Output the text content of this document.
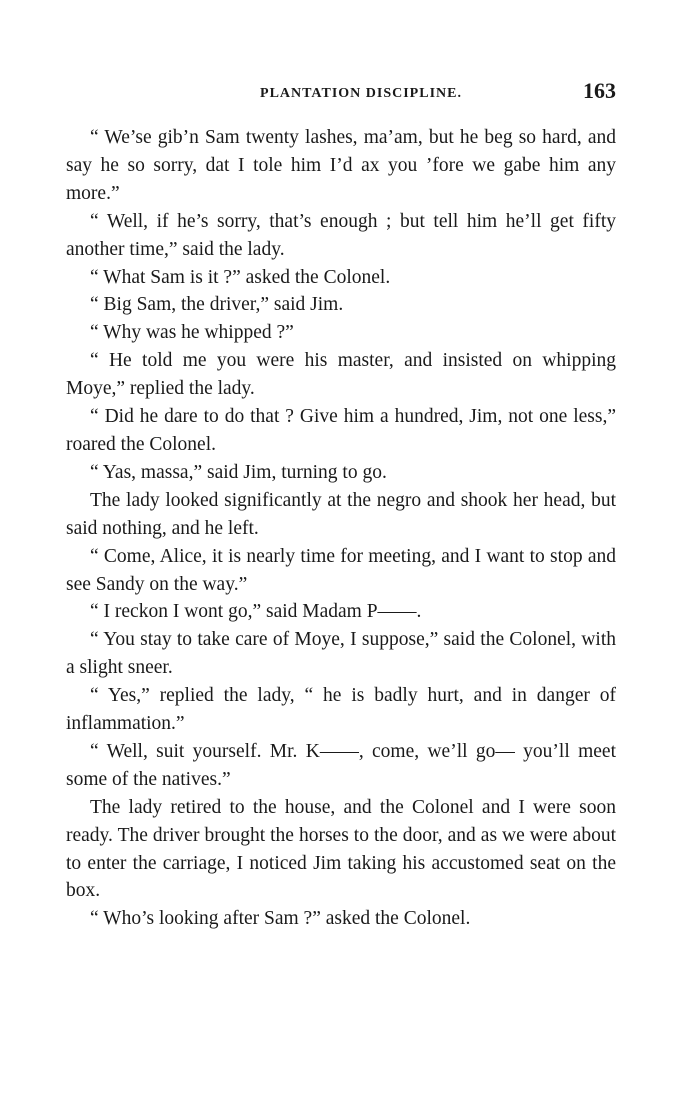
PLANTATION DISCIPLINE.	163

“ We’se gib’n Sam twenty lashes, ma’am, but he beg so hard, and say he so sorry, dat I tole him I’d ax you ’fore we gabe him any more.”

“ Well, if he’s sorry, that’s enough ; but tell him he’ll get fifty another time,” said the lady.

“ What Sam is it ?” asked the Colonel.

“ Big Sam, the driver,” said Jim.

“ Why was he whipped ?”

“ He told me you were his master, and insisted on whipping Moye,” replied the lady.

“ Did he dare to do that ? Give him a hundred, Jim, not one less,” roared the Colonel.

“ Yas, massa,” said Jim, turning to go.

The lady looked significantly at the negro and shook her head, but said nothing, and he left.

“ Come, Alice, it is nearly time for meeting, and I want to stop and see Sandy on the way.”

“ I reckon I wont go,” said Madam P——.

“ You stay to take care of Moye, I suppose,” said the Colonel, with a slight sneer.

“ Yes,” replied the lady, “ he is badly hurt, and in danger of inflammation.”

“ Well, suit yourself. Mr. K——, come, we’ll go— you’ll meet some of the natives.”

The lady retired to the house, and the Colonel and I were soon ready. The driver brought the horses to the door, and as we were about to enter the carriage, I noticed Jim taking his accustomed seat on the box.

“ Who’s looking after Sam ?” asked the Colonel.
